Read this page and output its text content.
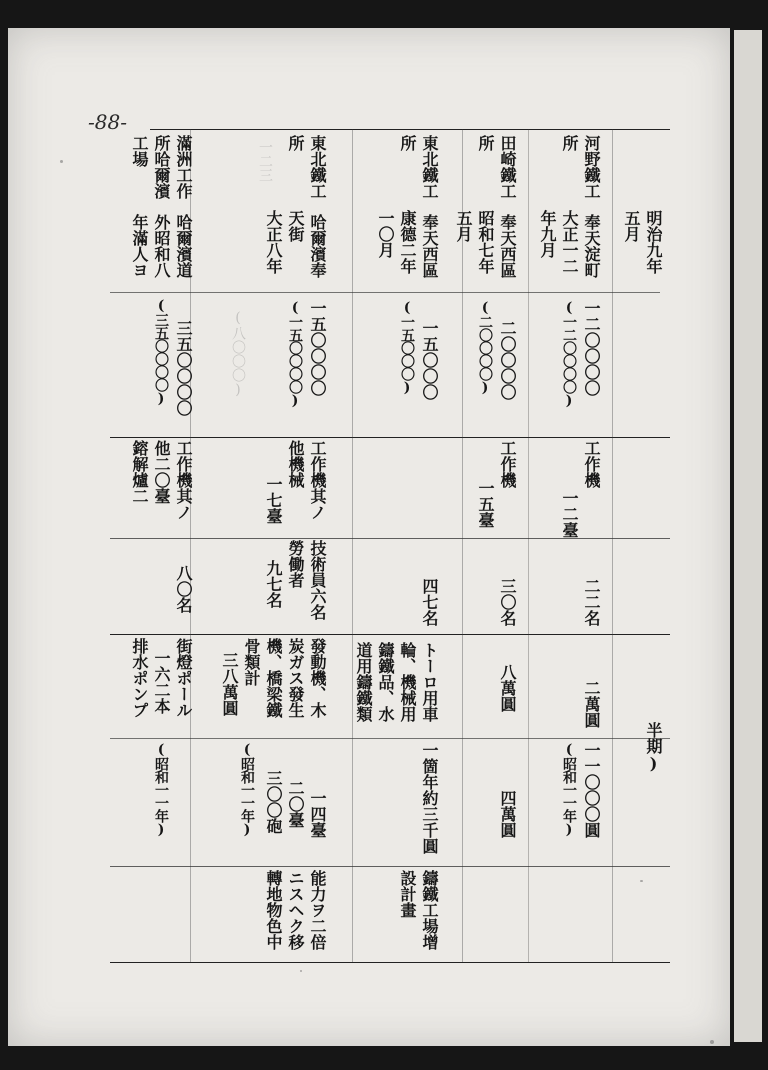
-88-
(八〇〇〇)
一二三	河野鐵工
所
明治九年
五月
奉天淀町
大正一二
年九月
一二〇〇〇〇
(一二〇〇〇〇)
工作機
一二臺
二二名
二萬圓
一一〇〇〇圓
(昭和一一年)	半期)
田崎鐵工
所
奉天西區
昭和七年
五月
二〇〇〇〇
(二〇〇〇〇)
工作機
一五臺
三〇名
八萬圓
四萬圓
東北鐵工
所
奉天西區
康德二年
一〇月
一五〇〇〇
(一五〇〇〇)
四七名
トーロ用車
輪、機械用
鑄鐵品、水
道用鑄鐵類
一箇年約三千圓
鑄鐵工場增
設計畫
東北鐵工
所
哈爾濱奉
天街
大正八年
一五〇〇〇〇
(一五〇〇〇〇)
工作機其ノ
他機械
一七臺
技術員六名
勞働者
九七名
發動機、木
炭ガス發生
機、橋梁鐵
骨類計
三八萬圓
一四臺
二〇臺
三〇〇砲
(昭和一一年)
能力ヲ二倍
ニスヘク移
轉地物色中
滿洲工作
所哈爾濱
工場
哈爾濱道
外昭和八
年滿人ヨ
三五〇〇〇〇
(三五〇〇〇〇)
工作機其ノ
他二〇臺
鎔解爐二
八〇名
街燈ポール
一六二本
排水ポンプ
(昭和一一年)
